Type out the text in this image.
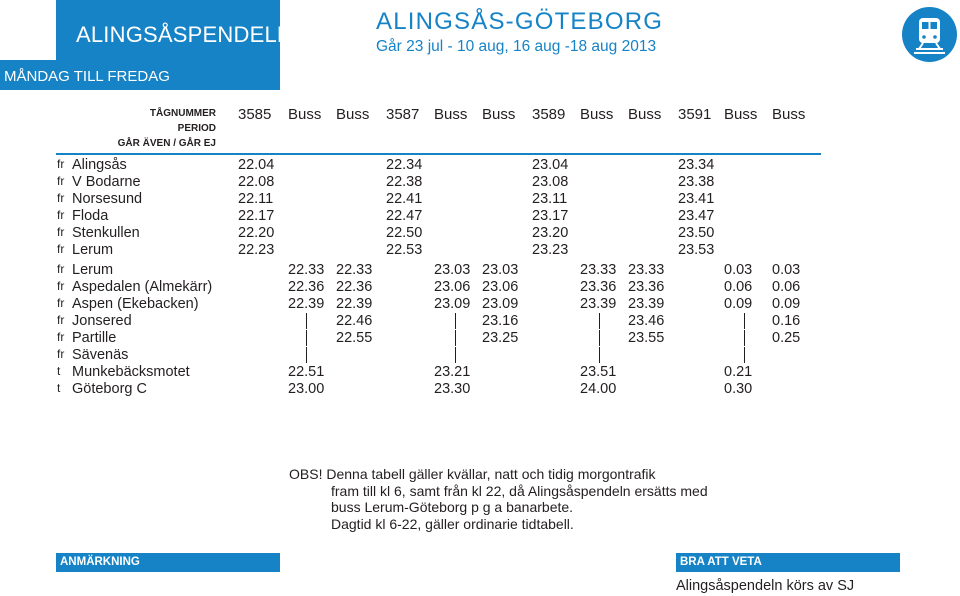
ALINGSÅSPENDELN
MÅNDAG TILL FREDAG
ALINGSÅS-GÖTEBORG
Går 23 jul - 10 aug, 16 aug -18 aug 2013
TÅGNUMMER
PERIOD
GÅR ÄVEN / GÅR EJ
3585 Buss Buss 3587 Buss Buss 3589 Buss Buss 3591 Buss Buss
fr Alingsås	22.04	22.34	23.04	23.34
fr V Bodarne	22.08	22.38	23.08	23.38
fr Norsesund	22.11	22.41	23.11	23.41
fr Floda	22.17	22.47	23.17	23.47
fr Stenkullen	22.20	22.50	23.20	23.50
fr Lerum	22.23	22.53	23.23	23.53
fr Lerum	22.33 22.33	23.03 23.03	23.33 23.33	0.03 0.03
fr Aspedalen (Almekärr)	22.36 22.36	23.06 23.06	23.36 23.36	0.06 0.06
fr Aspen (Ekebacken)	22.39 22.39	23.09 23.09	23.39 23.39	0.09 0.09
fr Jonsered	22.46	23.16	23.46	0.16
fr Partille	22.55	23.25	23.55	0.25
fr Sävenäs
t Munkebäcksmotet	22.51	23.21	23.51	0.21
t Göteborg C	23.00	23.30	24.00	0.30
OBS! Denna tabell gäller kvällar, natt och tidig morgontrafik
fram till kl 6, samt från kl 22, då Alingsåspendeln ersätts med
buss Lerum-Göteborg p g a banarbete.
Dagtid kl 6-22, gäller ordinarie tidtabell.
ANMÄRKNING	BRA ATT VETA
Alingsåspendeln körs av SJ
